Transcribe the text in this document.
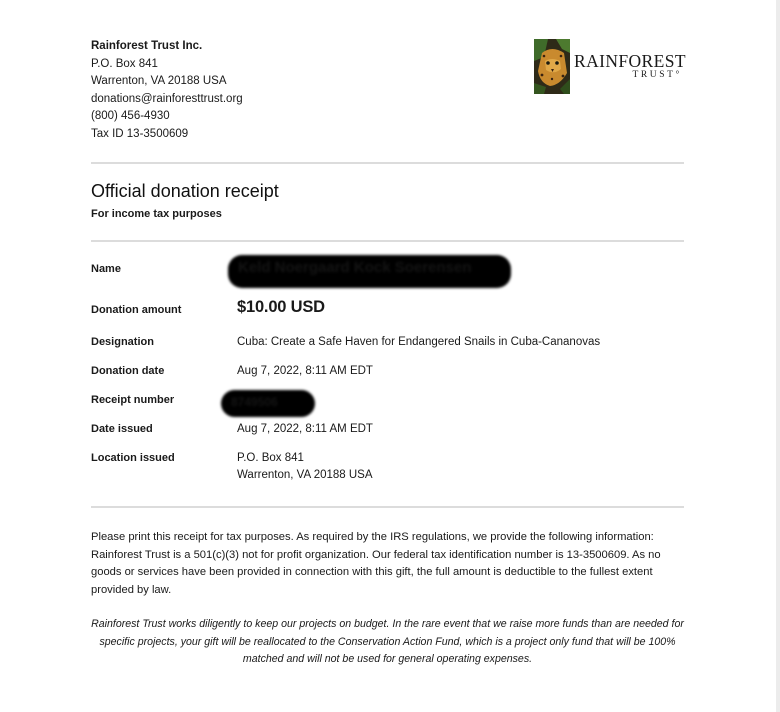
Rainforest Trust Inc.
P.O. Box 841
Warrenton, VA 20188 USA
donations@rainforesttrust.org
(800) 456-4930
Tax ID 13-3500609
RAINFOREST
TRUST°
Official donation receipt
For income tax purposes
Name	Keld Noergaard Kock Soerensen
Donation amount	$10.00 USD
Designation	Cuba: Create a Safe Haven for Endangered Snails in Cuba-Cananovas
Donation date	Aug 7, 2022, 8:11 AM EDT
Receipt number	8749506
Date issued	Aug 7, 2022, 8:11 AM EDT
Location issued	P.O. Box 841
Warrenton, VA 20188 USA
Please print this receipt for tax purposes. As required by the IRS regulations, we provide the following information: Rainforest Trust is a 501(c)(3) not for profit organization. Our federal tax identification number is 13-3500609. As no goods or services have been provided in connection with this gift, the full amount is deductible to the fullest extent provided by law.
Rainforest Trust works diligently to keep our projects on budget. In the rare event that we raise more funds than are needed for specific projects, your gift will be reallocated to the Conservation Action Fund, which is a project only fund that will be 100% matched and will not be used for general operating expenses.
